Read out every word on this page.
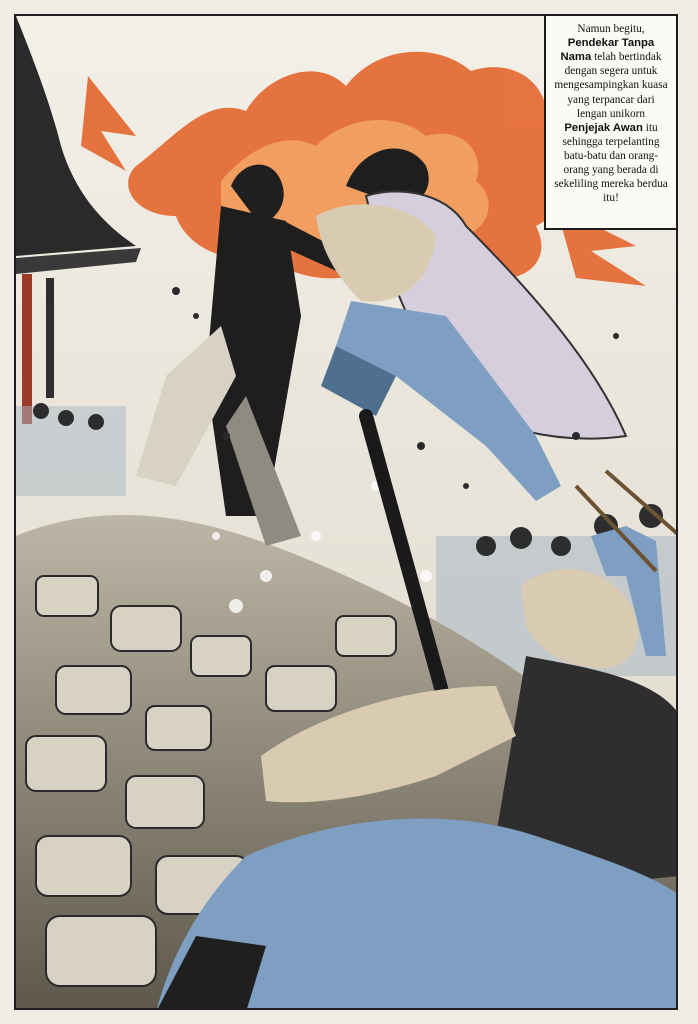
Namun begitu, Pendekar Tanpa Nama telah bertindak dengan segera untuk mengesampingkan kuasa yang terpancar dari lengan unikorn Penjejak Awan itu sehingga terpelanting batu-batu dan orang-orang yang berada di sekeliling mereka berdua itu!
